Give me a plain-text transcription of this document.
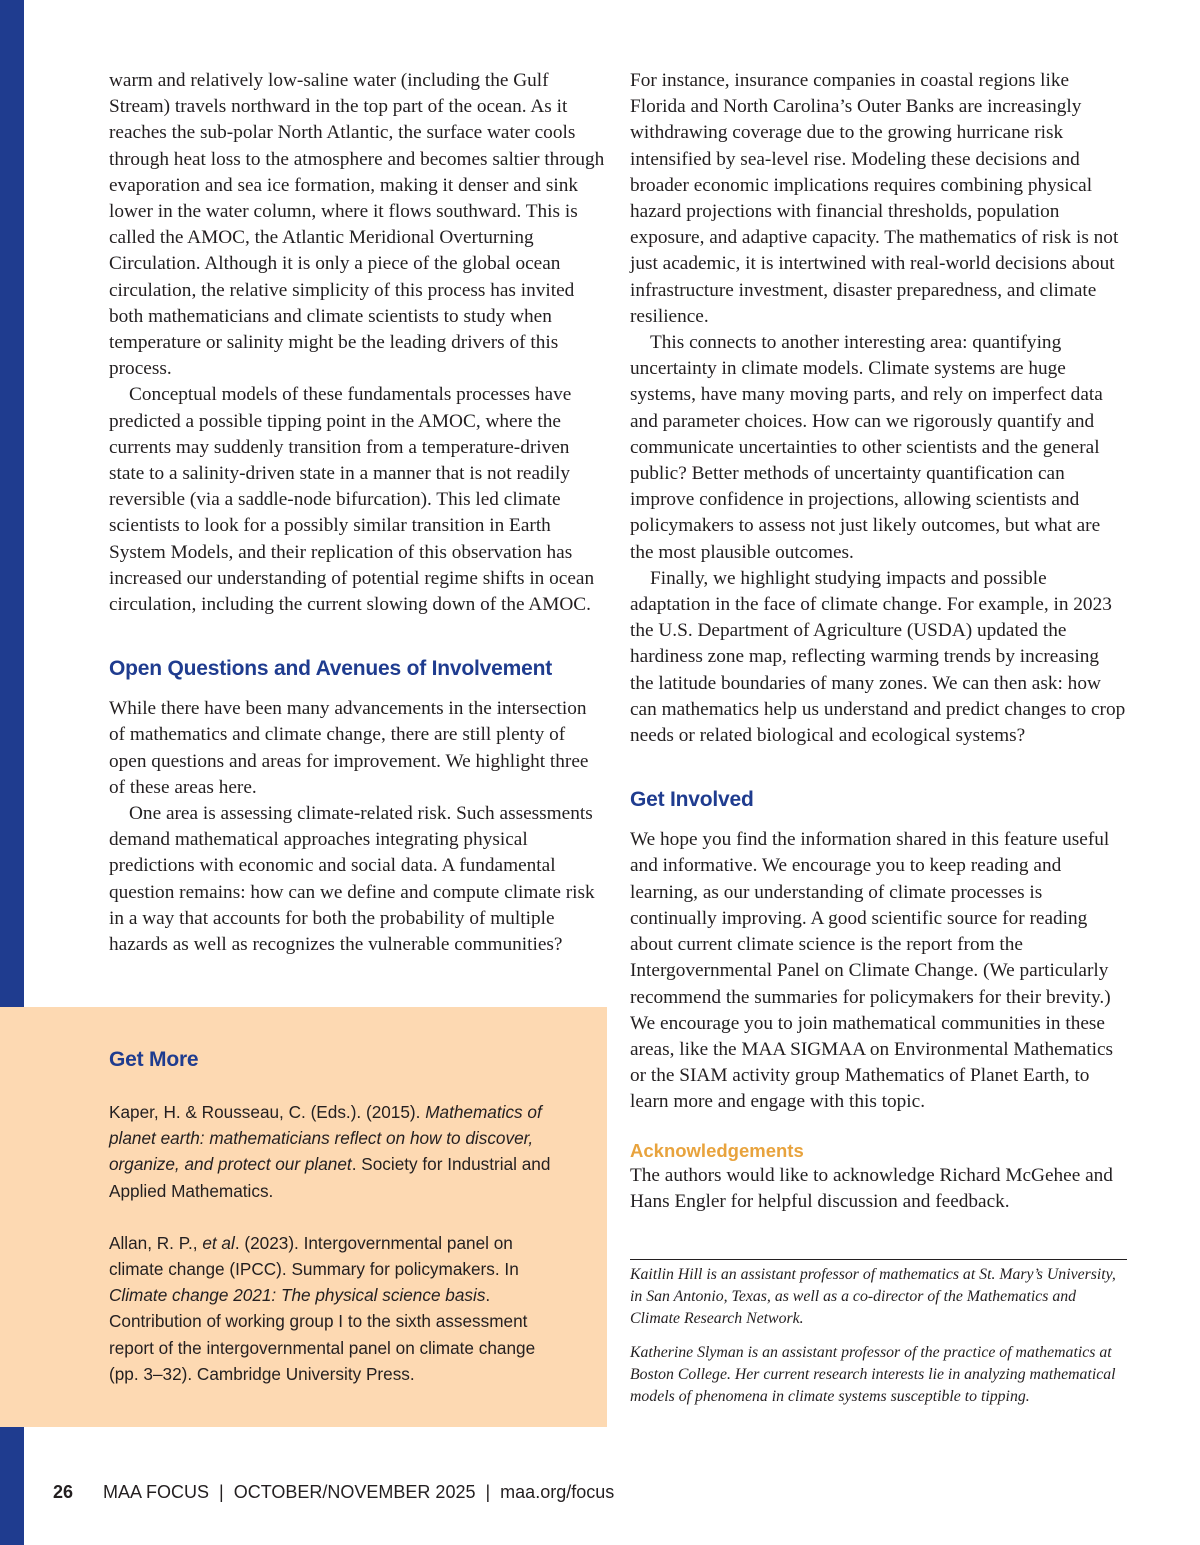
warm and relatively low-saline water (including the Gulf Stream) travels northward in the top part of the ocean. As it reaches the sub-polar North Atlantic, the surface water cools through heat loss to the atmosphere and becomes saltier through evaporation and sea ice formation, making it denser and sink lower in the water column, where it flows southward. This is called the AMOC, the Atlantic Meridional Overturning Circulation. Although it is only a piece of the global ocean circulation, the relative simplicity of this process has invited both mathematicians and climate scientists to study when temperature or salinity might be the leading drivers of this process.

Conceptual models of these fundamentals processes have predicted a possible tipping point in the AMOC, where the currents may suddenly transition from a temperature-driven state to a salinity-driven state in a manner that is not readily reversible (via a saddle-node bifurcation). This led climate scientists to look for a possibly similar transition in Earth System Models, and their replication of this observation has increased our understanding of potential regime shifts in ocean circulation, including the current slowing down of the AMOC.

Open Questions and Avenues of Involvement

While there have been many advancements in the intersection of mathematics and climate change, there are still plenty of open questions and areas for improvement. We highlight three of these areas here.

One area is assessing climate-related risk. Such assessments demand mathematical approaches integrating physical predictions with economic and social data. A fundamental question remains: how can we define and compute climate risk in a way that accounts for both the probability of multiple hazards as well as recognizes the vulnerable communities?

Get More

Kaper, H. & Rousseau, C. (Eds.). (2015). Mathematics of planet earth: mathematicians reflect on how to discover, organize, and protect our planet. Society for Industrial and Applied Mathematics.

Allan, R. P., et al. (2023). Intergovernmental panel on climate change (IPCC). Summary for policymakers. In Climate change 2021: The physical science basis. Contribution of working group I to the sixth assessment report of the intergovernmental panel on climate change (pp. 3–32). Cambridge University Press.

For instance, insurance companies in coastal regions like Florida and North Carolina’s Outer Banks are increasingly withdrawing coverage due to the growing hurricane risk intensified by sea-level rise. Modeling these decisions and broader economic implications requires combining physical hazard projections with financial thresholds, population exposure, and adaptive capacity. The mathematics of risk is not just academic, it is intertwined with real-world decisions about infrastructure investment, disaster preparedness, and climate resilience.

This connects to another interesting area: quantifying uncertainty in climate models. Climate systems are huge systems, have many moving parts, and rely on imperfect data and parameter choices. How can we rigorously quantify and communicate uncertainties to other scientists and the general public? Better methods of uncertainty quantification can improve confidence in projections, allowing scientists and policymakers to assess not just likely outcomes, but what are the most plausible outcomes.

Finally, we highlight studying impacts and possible adaptation in the face of climate change. For example, in 2023 the U.S. Department of Agriculture (USDA) updated the hardiness zone map, reflecting warming trends by increasing the latitude boundaries of many zones. We can then ask: how can mathematics help us understand and predict changes to crop needs or related biological and ecological systems?

Get Involved

We hope you find the information shared in this feature useful and informative. We encourage you to keep reading and learning, as our understanding of climate processes is continually improving. A good scientific source for reading about current climate science is the report from the Intergovernmental Panel on Climate Change. (We particularly recommend the summaries for policymakers for their brevity.) We encourage you to join mathematical communities in these areas, like the MAA SIGMAA on Environmental Mathematics or the SIAM activity group Mathematics of Planet Earth, to learn more and engage with this topic.

Acknowledgements

The authors would like to acknowledge Richard McGehee and Hans Engler for helpful discussion and feedback.

Kaitlin Hill is an assistant professor of mathematics at St. Mary’s University, in San Antonio, Texas, as well as a co-director of the Mathematics and Climate Research Network.

Katherine Slyman is an assistant professor of the practice of mathematics at Boston College. Her current research interests lie in analyzing mathematical models of phenomena in climate systems susceptible to tipping.

26 MAA FOCUS | OCTOBER/NOVEMBER 2025 | maa.org/focus
